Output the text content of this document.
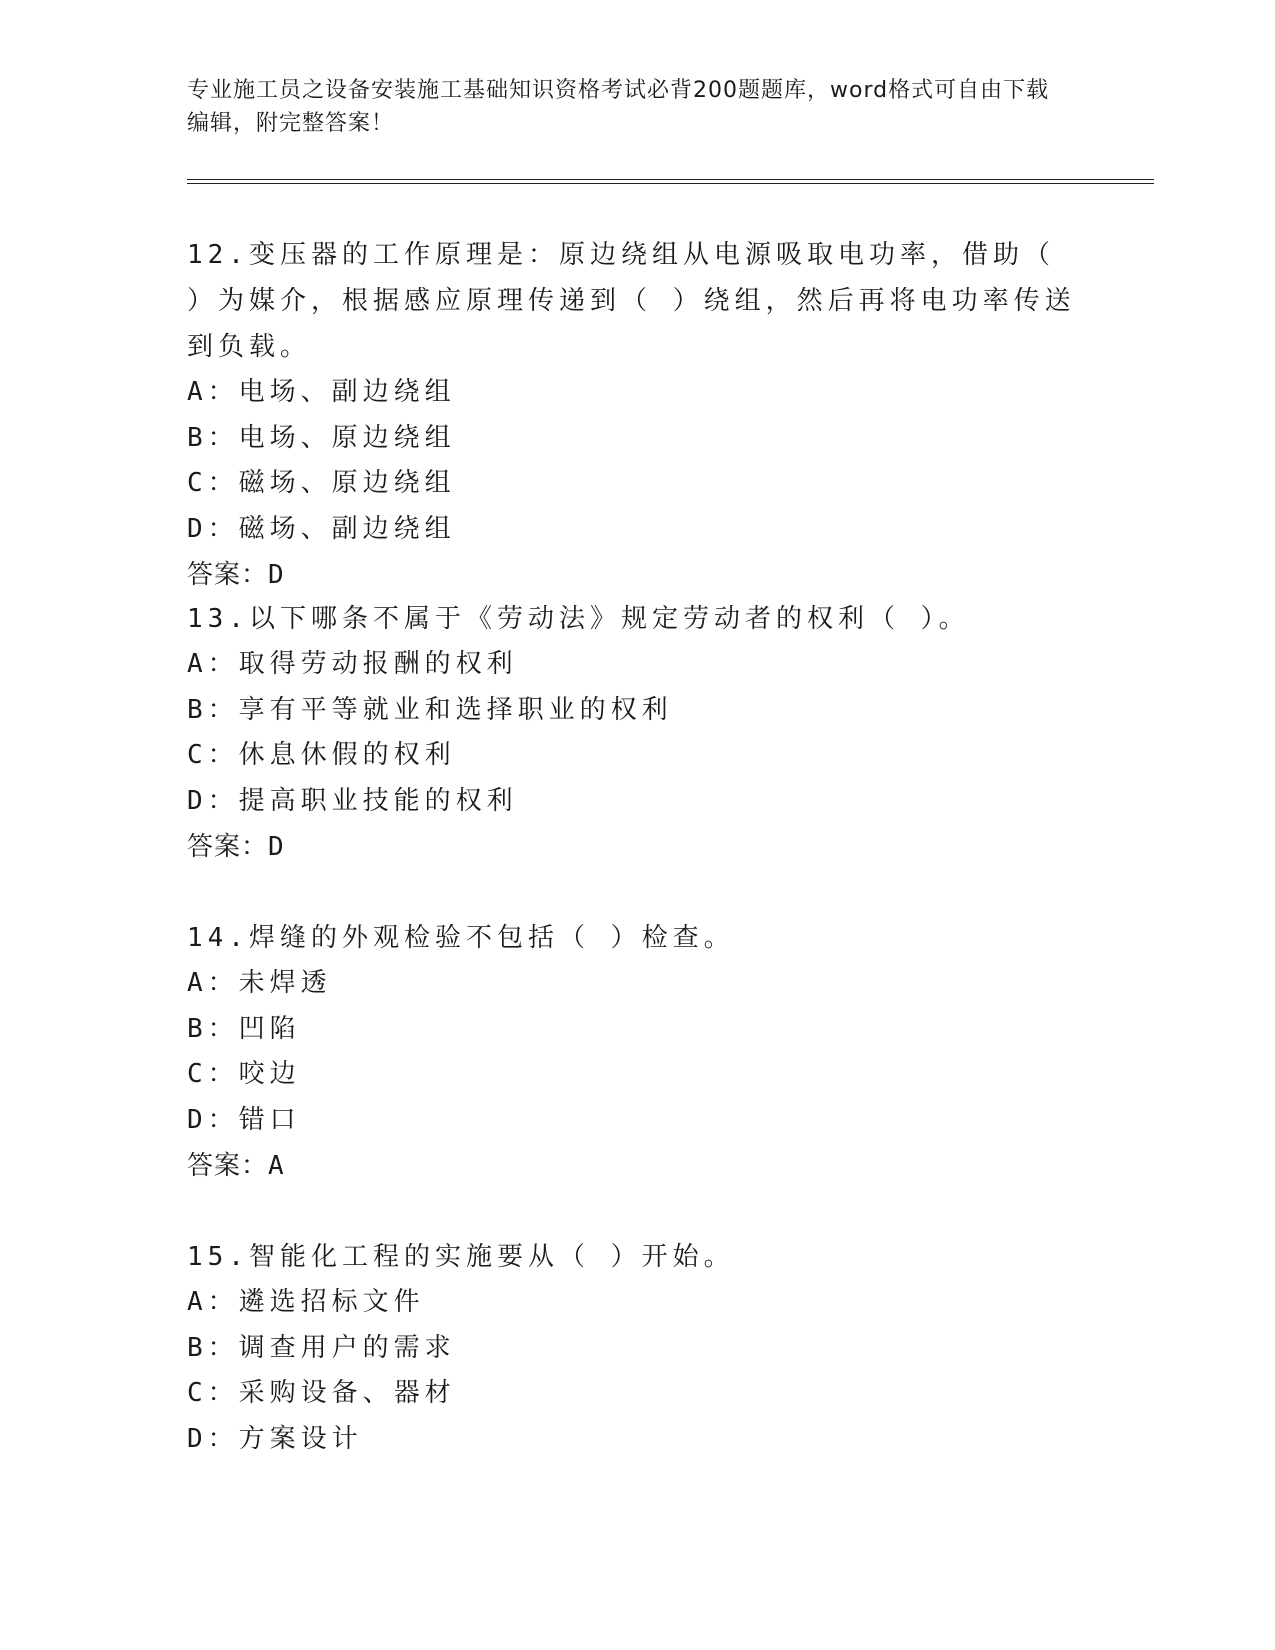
专业施工员之设备安装施工基础知识资格考试必背200题题库，word格式可自由下载编辑，附完整答案！

12.变压器的工作原理是：原边绕组从电源吸取电功率，借助（ ）为媒介，根据感应原理传递到（ ）绕组，然后再将电功率传送到负载。

A：电场、副边绕组

B：电场、原边绕组

C：磁场、原边绕组

D：磁场、副边绕组

答案：D

13.以下哪条不属于《劳动法》规定劳动者的权利（ ）。

A：取得劳动报酬的权利

B：享有平等就业和选择职业的权利

C：休息休假的权利

D：提高职业技能的权利

答案：D

14.焊缝的外观检验不包括（ ）检查。

A：未焊透

B：凹陷

C：咬边

D：错口

答案：A

15.智能化工程的实施要从（ ）开始。

A：遴选招标文件

B：调查用户的需求

C：采购设备、器材

D：方案设计
